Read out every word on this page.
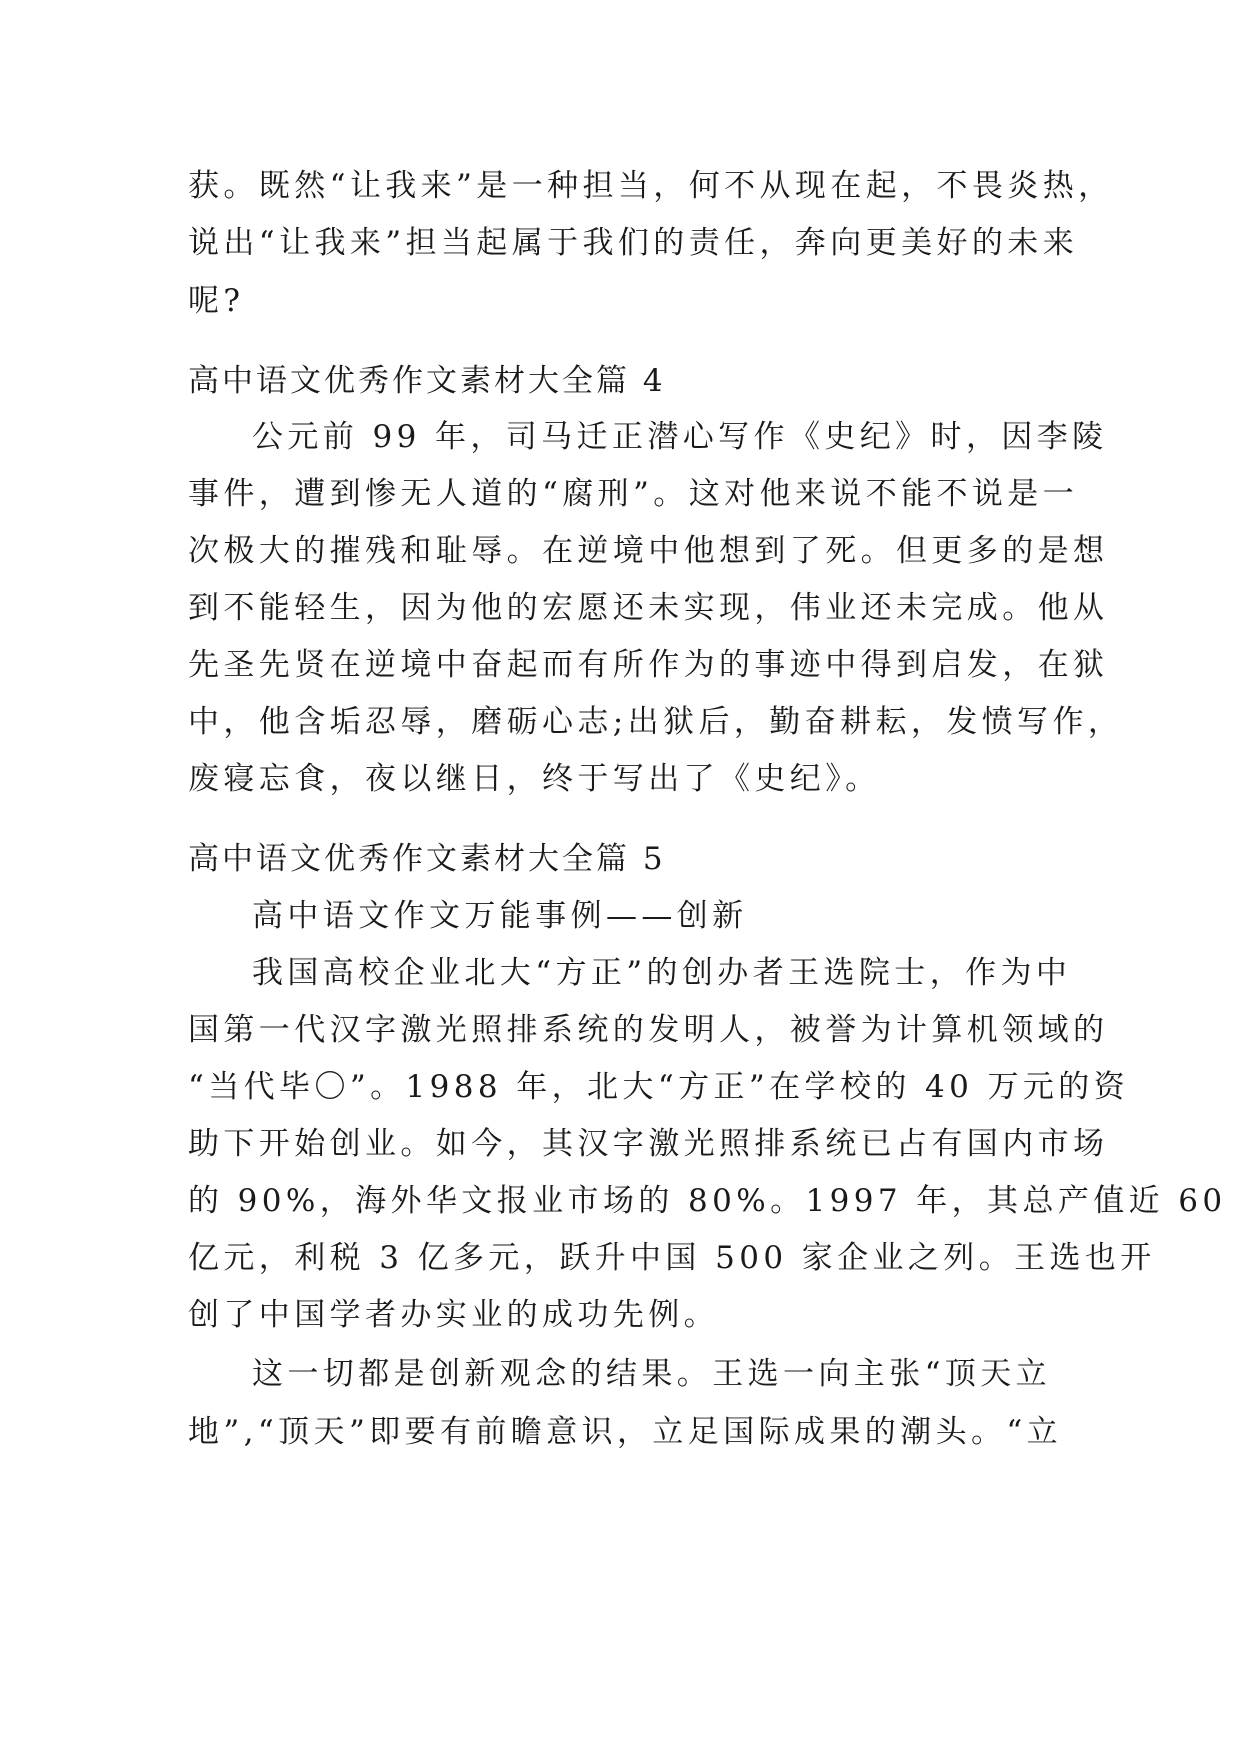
获。既然“让我来”是一种担当，何不从现在起，不畏炎热，
说出“让我来”担当起属于我们的责任，奔向更美好的未来
呢?
高中语文优秀作文素材大全篇 4
公元前 99 年，司马迁正潜心写作《史纪》时，因李陵
事件，遭到惨无人道的“腐刑”。这对他来说不能不说是一
次极大的摧残和耻辱。在逆境中他想到了死。但更多的是想
到不能轻生，因为他的宏愿还未实现，伟业还未完成。他从
先圣先贤在逆境中奋起而有所作为的事迹中得到启发，在狱
中，他含垢忍辱，磨砺心志;出狱后，勤奋耕耘，发愤写作，
废寝忘食，夜以继日，终于写出了《史纪》。
高中语文优秀作文素材大全篇 5
高中语文作文万能事例——创新
我国高校企业北大“方正”的创办者王选院士，作为中
国第一代汉字激光照排系统的发明人，被誉为计算机领域的
“当代毕〇”。1988 年，北大“方正”在学校的 40 万元的资
助下开始创业。如今，其汉字激光照排系统已占有国内市场
的 90%，海外华文报业市场的 80%。1997 年，其总产值近 60
亿元，利税 3 亿多元，跃升中国 500 家企业之列。王选也开
创了中国学者办实业的成功先例。
这一切都是创新观念的结果。王选一向主张“顶天立
地”,“顶天”即要有前瞻意识，立足国际成果的潮头。“立
